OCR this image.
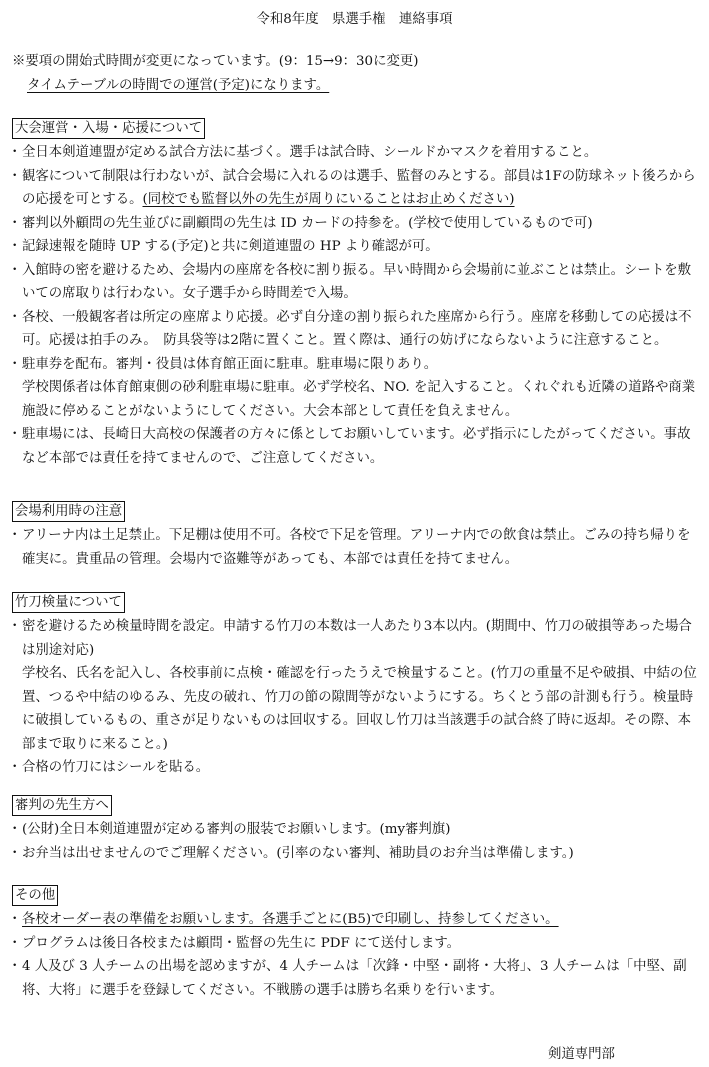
令和8年度　県選手権　連絡事項
※要項の開始式時間が変更になっています。(9：15→9：30に変更)
タイムテーブルの時間での運営(予定)になります。
大会運営・入場・応援について
・ 全日本剣道連盟が定める試合方法に基づく。選手は試合時、シールドかマスクを着用すること。
・ 観客について制限は行わないが、試合会場に入れるのは選手、監督のみとする。部員は1Fの防球ネット後ろからの応援を可とする。(同校でも監督以外の先生が周りにいることはお止めください)
・ 審判以外顧問の先生並びに副顧問の先生は ID カードの持参を。(学校で使用しているもので可)
・ 記録速報を随時 UP する(予定)と共に剣道連盟の HP より確認が可。
・ 入館時の密を避けるため、会場内の座席を各校に割り振る。早い時間から会場前に並ぶことは禁止。シートを敷いての席取りは行わない。女子選手から時間差で入場。
・ 各校、一般観客者は所定の座席より応援。必ず自分達の割り振られた座席から行う。座席を移動しての応援は不可。応援は拍手のみ。　防具袋等は2階に置くこと。置く際は、通行の妨げにならないように注意すること。
・ 駐車券を配布。審判・役員は体育館正面に駐車。駐車場に限りあり。
学校関係者は体育館東側の砂利駐車場に駐車。必ず学校名、NO. を記入すること。くれぐれも近隣の道路や商業施設に停めることがないようにしてください。大会本部として責任を負えません。
・ 駐車場には、長崎日大高校の保護者の方々に係としてお願いしています。必ず指示にしたがってください。事故など本部では責任を持てませんので、ご注意してください。
会場利用時の注意
・ アリーナ内は土足禁止。下足棚は使用不可。各校で下足を管理。アリーナ内での飲食は禁止。ごみの持ち帰りを確実に。貴重品の管理。会場内で盗難等があっても、本部では責任を持てません。
竹刀検量について
・ 密を避けるため検量時間を設定。申請する竹刀の本数は一人あたり3本以内。(期間中、竹刀の破損等あった場合は別途対応)
学校名、氏名を記入し、各校事前に点検・確認を行ったうえで検量すること。(竹刀の重量不足や破損、中結の位置、つるや中結のゆるみ、先皮の破れ、竹刀の節の隙間等がないようにする。ちくとう部の計測も行う。検量時に破損しているもの、重さが足りないものは回収する。回収し竹刀は当該選手の試合終了時に返却。その際、本部まで取りに来ること。)
・ 合格の竹刀にはシールを貼る。
審判の先生方へ
・ (公財)全日本剣道連盟が定める審判の服装でお願いします。(my審判旗)
・ お弁当は出せませんのでご理解ください。(引率のない審判、補助員のお弁当は準備します。)
その他
・ 各校オーダー表の準備をお願いします。各選手ごとに(B5)で印刷し、持参してください。
・ プログラムは後日各校または顧問・監督の先生に PDF にて送付します。
・ 4 人及び 3 人チームの出場を認めますが、4 人チームは「次鋒・中堅・副将・大将」、3 人チームは「中堅、副将、大将」に選手を登録してください。不戦勝の選手は勝ち名乗りを行います。
剣道専門部
